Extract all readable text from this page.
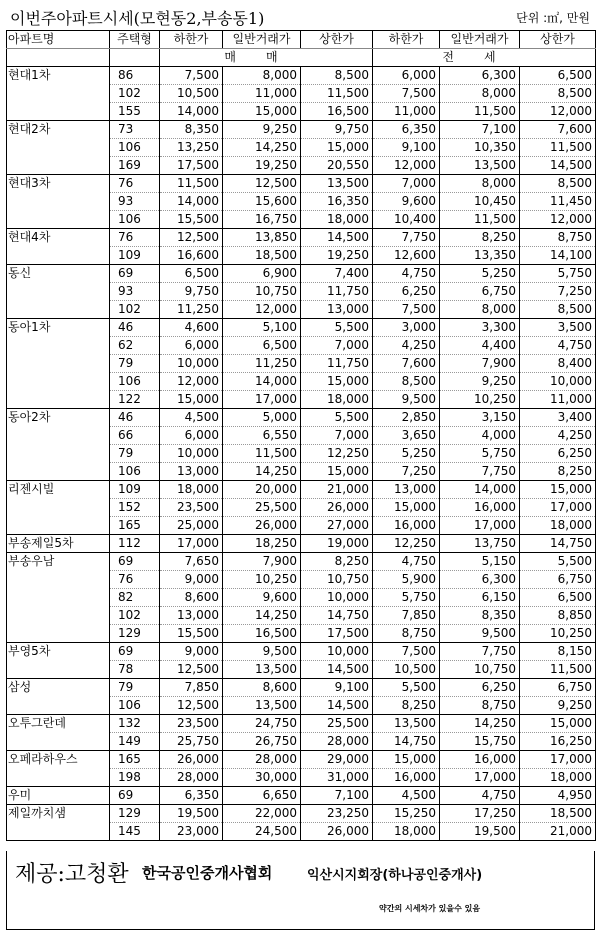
이번주아파트시세(모현동2,부송동1)	단위 :㎡, 만원
아파트명	주택형	하한가	일반거래가	상한가	하한가	일반거래가	상한가
		매매			전세		
현대1차	86	7,500	8,000	8,500	6,000	6,300	6,500
	102	10,500	11,000	11,500	7,500	8,000	8,500
	155	14,000	15,000	16,500	11,000	11,500	12,000
현대2차	73	8,350	9,250	9,750	6,350	7,100	7,600
	106	13,250	14,250	15,000	9,100	10,350	11,500
	169	17,500	19,250	20,550	12,000	13,500	14,500
현대3차	76	11,500	12,500	13,500	7,000	8,000	8,500
	93	14,000	15,600	16,350	9,600	10,450	11,450
	106	15,500	16,750	18,000	10,400	11,500	12,000
현대4차	76	12,500	13,850	14,500	7,750	8,250	8,750
	109	16,600	18,500	19,250	12,600	13,350	14,100
동신	69	6,500	6,900	7,400	4,750	5,250	5,750
	93	9,750	10,750	11,750	6,250	6,750	7,250
	102	11,250	12,000	13,000	7,500	8,000	8,500
동아1차	46	4,600	5,100	5,500	3,000	3,300	3,500
	62	6,000	6,500	7,000	4,250	4,400	4,750
	79	10,000	11,250	11,750	7,600	7,900	8,400
	106	12,000	14,000	15,000	8,500	9,250	10,000
	122	15,000	17,000	18,000	9,500	10,250	11,000
동아2차	46	4,500	5,000	5,500	2,850	3,150	3,400
	66	6,000	6,550	7,000	3,650	4,000	4,250
	79	10,000	11,500	12,250	5,250	5,750	6,250
	106	13,000	14,250	15,000	7,250	7,750	8,250
리젠시빌	109	18,000	20,000	21,000	13,000	14,000	15,000
	152	23,500	25,500	26,000	15,000	16,000	17,000
	165	25,000	26,000	27,000	16,000	17,000	18,000
부송제일5차	112	17,000	18,250	19,000	12,250	13,750	14,750
부송우남	69	7,650	7,900	8,250	4,750	5,150	5,500
	76	9,000	10,250	10,750	5,900	6,300	6,750
	82	8,600	9,600	10,000	5,750	6,150	6,500
	102	13,000	14,250	14,750	7,850	8,350	8,850
	129	15,500	16,500	17,500	8,750	9,500	10,250
부영5차	69	9,000	9,500	10,000	7,500	7,750	8,150
	78	12,500	13,500	14,500	10,500	10,750	11,500
삼성	79	7,850	8,600	9,100	5,500	6,250	6,750
	106	12,500	13,500	14,500	8,250	8,750	9,250
오투그란데	132	23,500	24,750	25,500	13,500	14,250	15,000
	149	25,750	26,750	28,000	14,750	15,750	16,250
오페라하우스	165	26,000	28,000	29,000	15,000	16,000	17,000
	198	28,000	30,000	31,000	16,000	17,000	18,000
우미	69	6,350	6,650	7,100	4,500	4,750	4,950
제일까치샘	129	19,500	22,000	23,250	15,250	17,250	18,500
	145	23,000	24,500	26,000	18,000	19,500	21,000
제공:고청환 한국공인중개사협회	익산시지회장(하나공인중개사)
약간의 시세차가 있을수 있음
